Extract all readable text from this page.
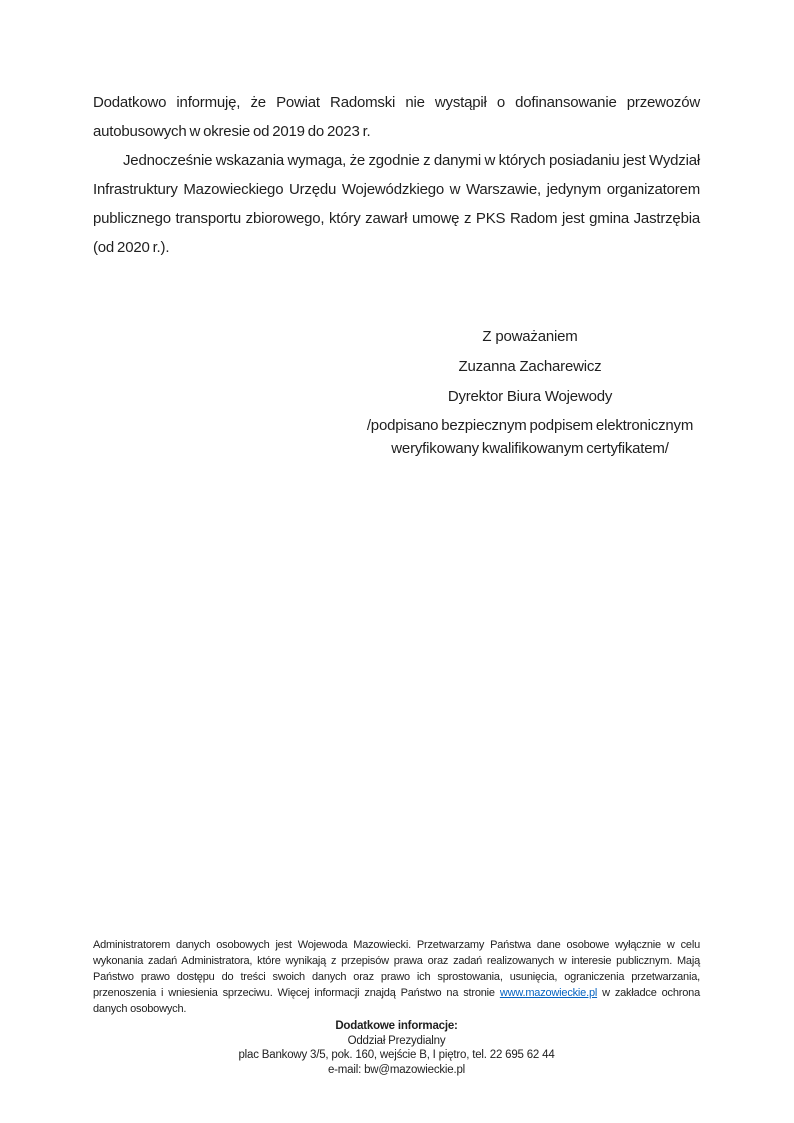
Dodatkowo informuję, że Powiat Radomski nie wystąpił o dofinansowanie przewozów autobusowych w okresie od 2019 do 2023 r.

Jednocześnie wskazania wymaga, że zgodnie z danymi w których posiadaniu jest Wydział Infrastruktury Mazowieckiego Urzędu Wojewódzkiego w Warszawie, jedynym organizatorem publicznego transportu zbiorowego, który zawarł umowę z PKS Radom jest gmina Jastrzębia (od 2020 r.).

Z poważaniem
Zuzanna Zacharewicz
Dyrektor Biura Wojewody
/podpisano bezpiecznym podpisem elektronicznym
weryfikowany kwalifikowanym certyfikatem/

Administratorem danych osobowych jest Wojewoda Mazowiecki. Przetwarzamy Państwa dane osobowe wyłącznie w celu wykonania zadań Administratora, które wynikają z przepisów prawa oraz zadań realizowanych w interesie publicznym. Mają Państwo prawo dostępu do treści swoich danych oraz prawo ich sprostowania, usunięcia, ograniczenia przetwarzania, przenoszenia i wniesienia sprzeciwu. Więcej informacji znajdą Państwo na stronie www.mazowieckie.pl w zakładce ochrona danych osobowych.

Dodatkowe informacje:
Oddział Prezydialny
plac Bankowy 3/5, pok. 160, wejście B, I piętro, tel. 22 695 62 44
e-mail: bw@mazowieckie.pl
